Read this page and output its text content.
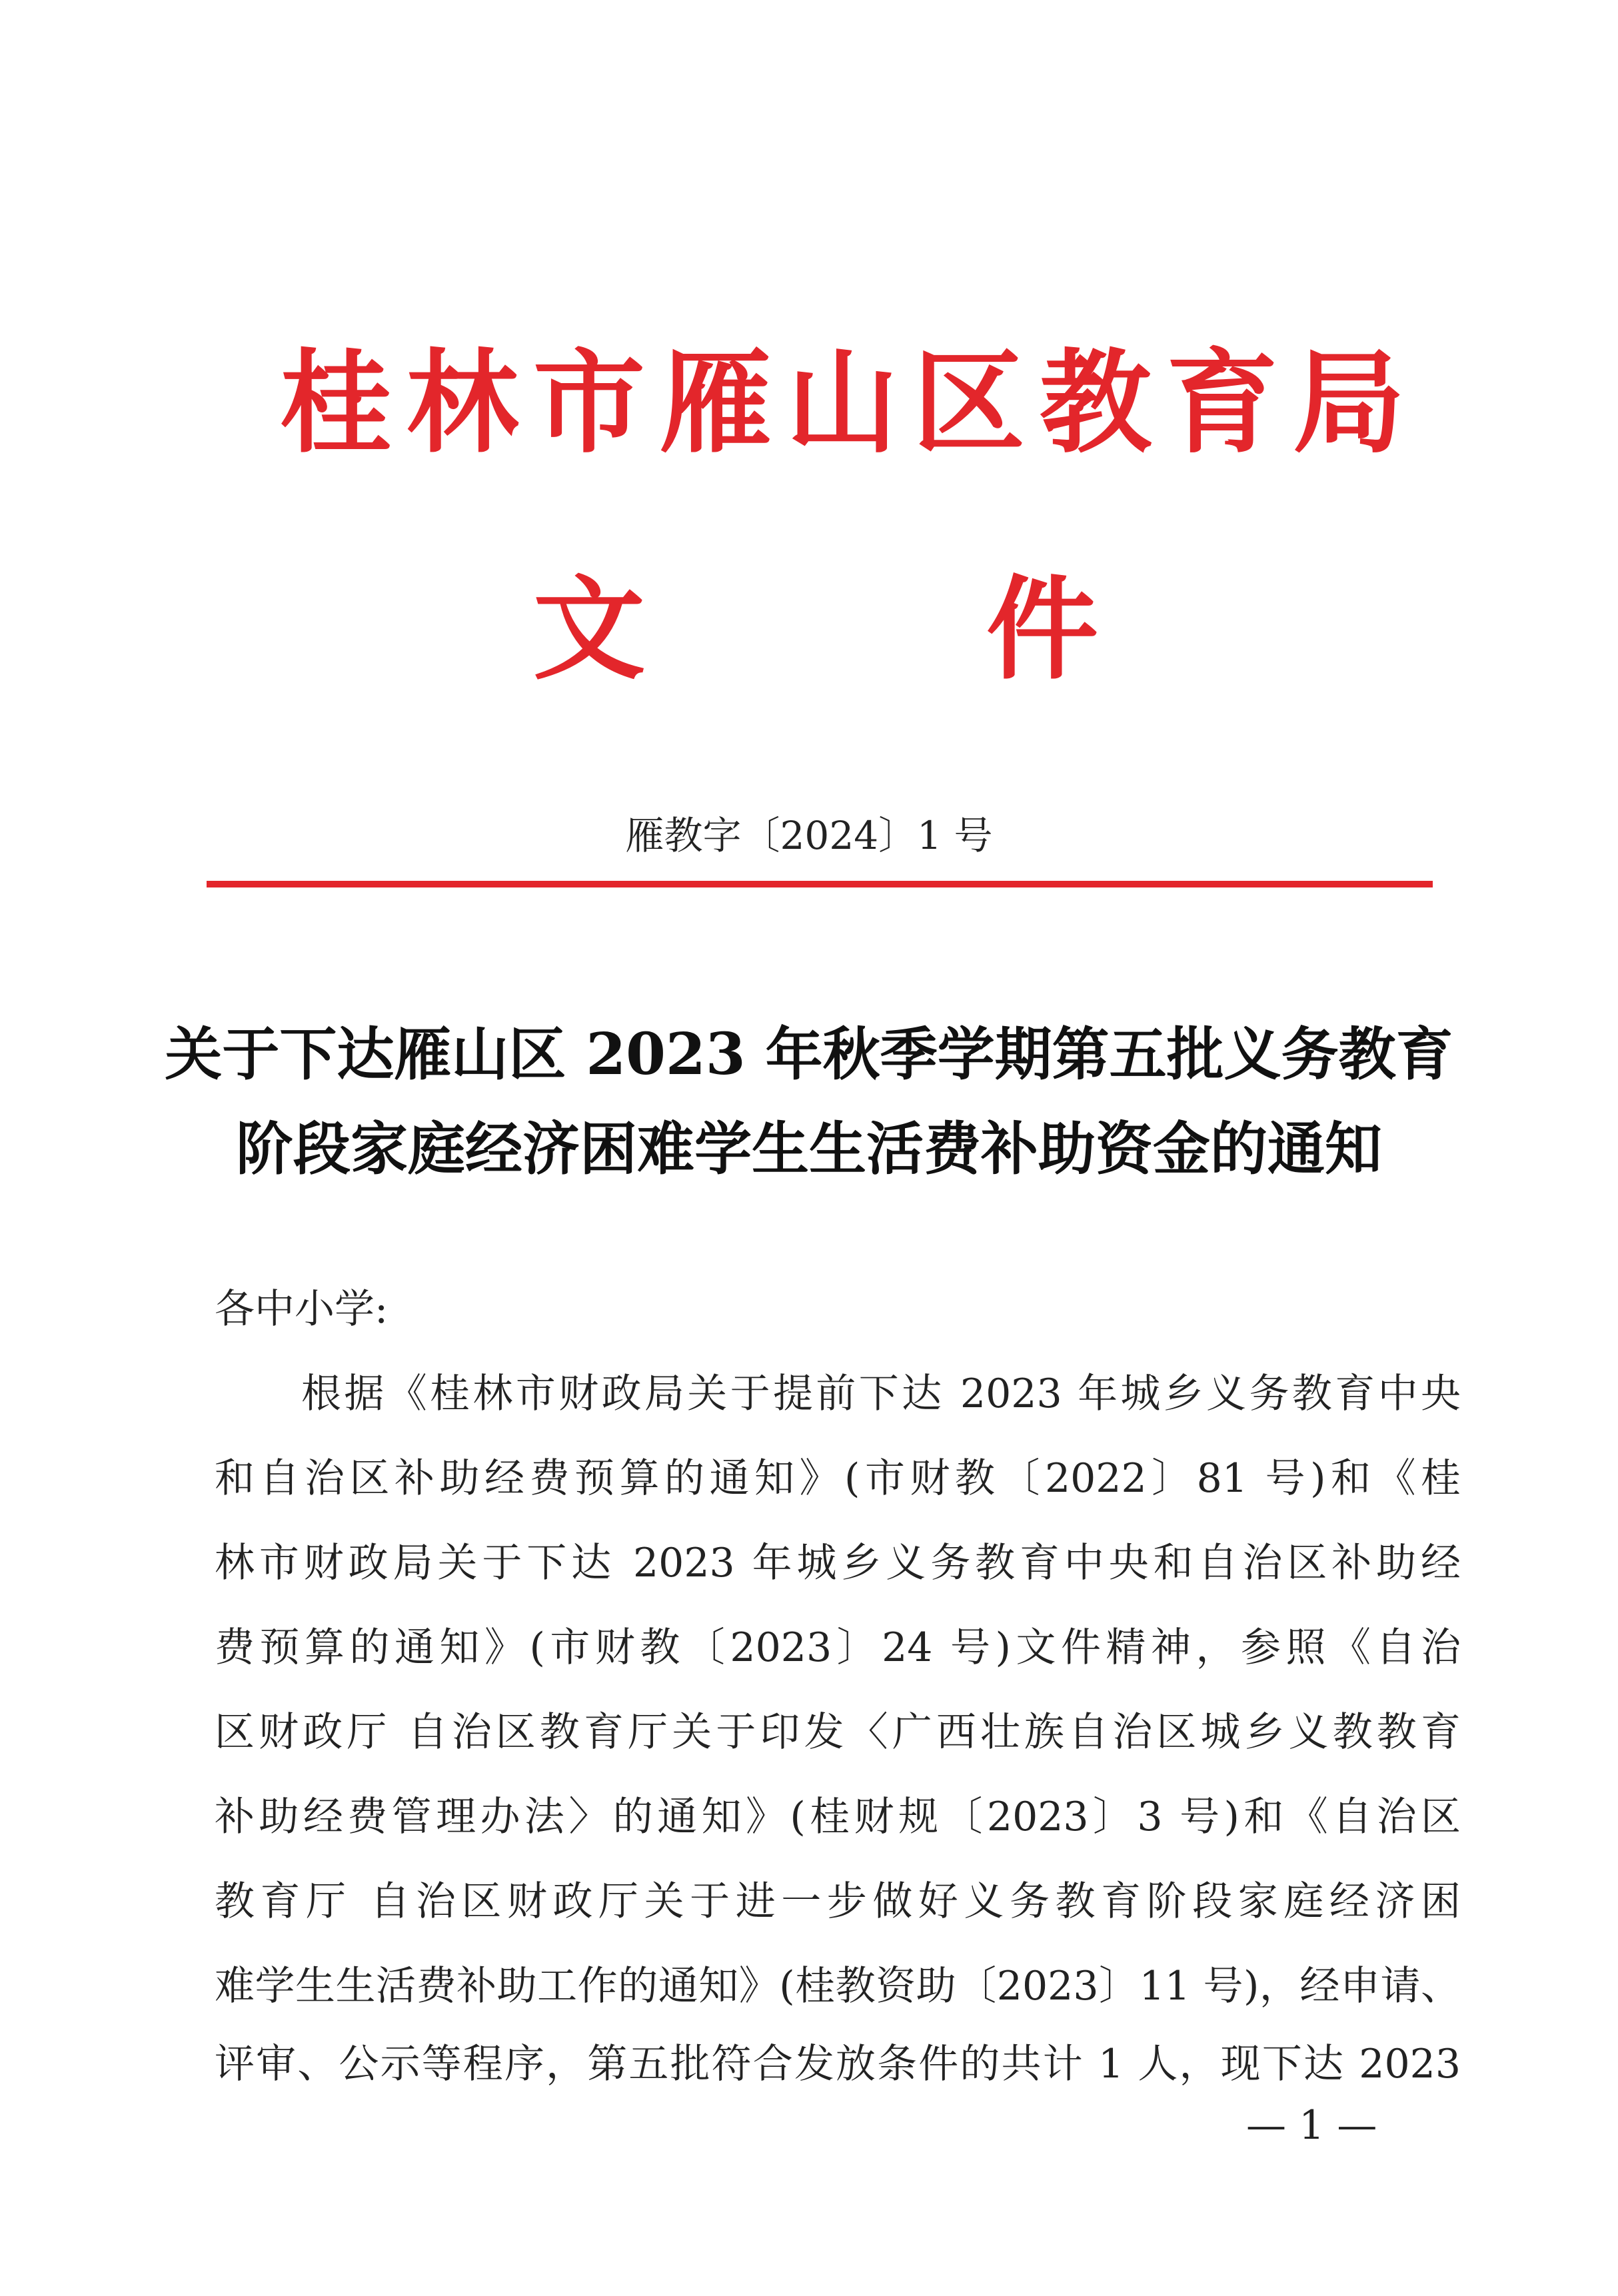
桂林市雁山区教育局
文	件
雁教字〔2024〕1 号
关于下达雁山区 2023 年秋季学期第五批义务教育
阶段家庭经济困难学生生活费补助资金的通知
各中小学:
根据《桂林市财政局关于提前下达 2023 年城乡义务教育中央
和自治区补助经费预算的通知》(市财教〔2022〕81 号)和《桂
林市财政局关于下达 2023 年城乡义务教育中央和自治区补助经
费预算的通知》(市财教〔2023〕24 号)文件精神，参照《自治
区财政厅 自治区教育厅关于印发〈广西壮族自治区城乡义教教育
补助经费管理办法〉的通知》(桂财规〔2023〕3 号)和《自治区
教育厅 自治区财政厅关于进一步做好义务教育阶段家庭经济困
难学生生活费补助工作的通知》(桂教资助〔2023〕11 号)，经申请、
评审、公示等程序，第五批符合发放条件的共计 1 人，现下达 2023
— 1 —
